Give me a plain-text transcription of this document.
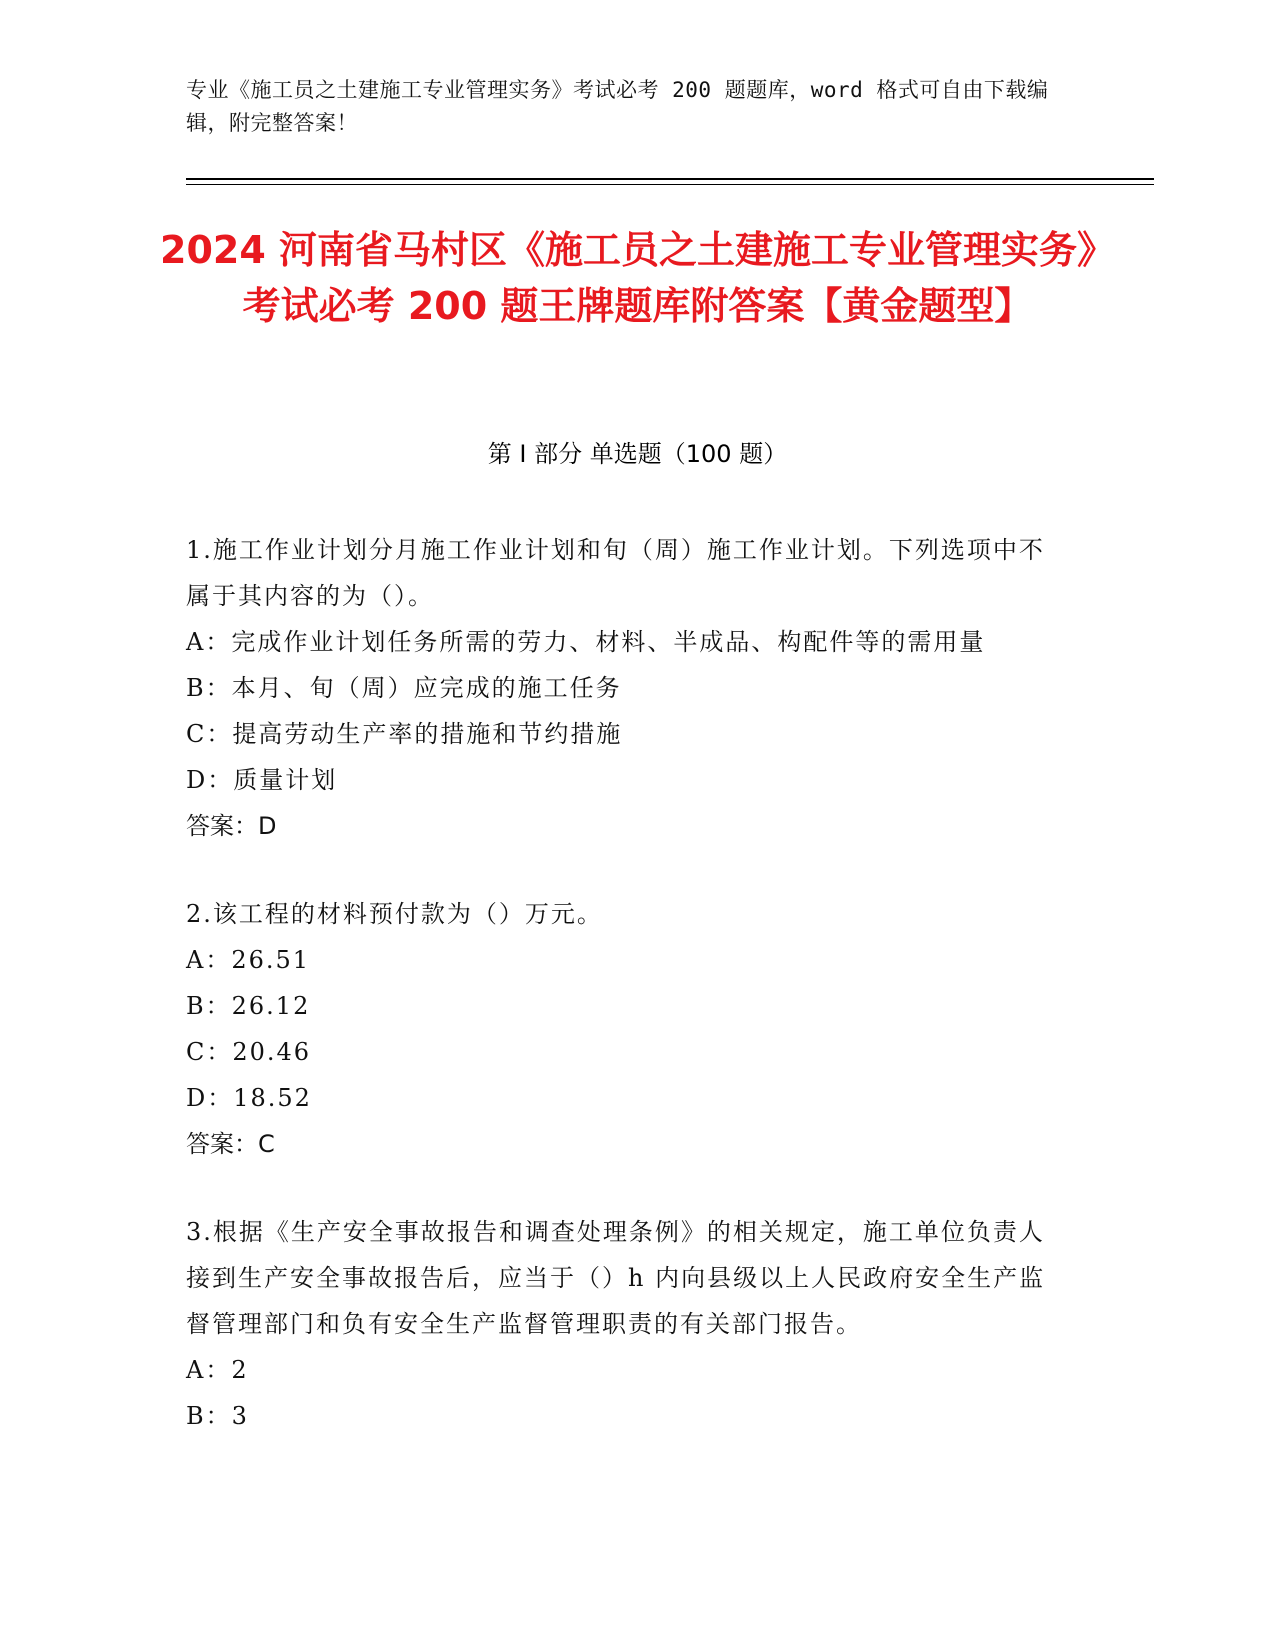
专业《施工员之土建施工专业管理实务》考试必考 200 题题库，word 格式可自由下载编辑，附完整答案！
2024 河南省马村区《施工员之土建施工专业管理实务》考试必考 200 题王牌题库附答案【黄金题型】
第 I 部分 单选题（100 题）

1.施工作业计划分月施工作业计划和旬（周）施工作业计划。下列选项中不属于其内容的为（）。

A：完成作业计划任务所需的劳力、材料、半成品、构配件等的需用量

B：本月、旬（周）应完成的施工任务

C：提高劳动生产率的措施和节约措施

D：质量计划

答案：D

2.该工程的材料预付款为（）万元。

A：26.51

B：26.12

C：20.46

D：18.52

答案：C

3.根据《生产安全事故报告和调查处理条例》的相关规定，施工单位负责人接到生产安全事故报告后，应当于（）h 内向县级以上人民政府安全生产监督管理部门和负有安全生产监督管理职责的有关部门报告。

A：2

B：3
